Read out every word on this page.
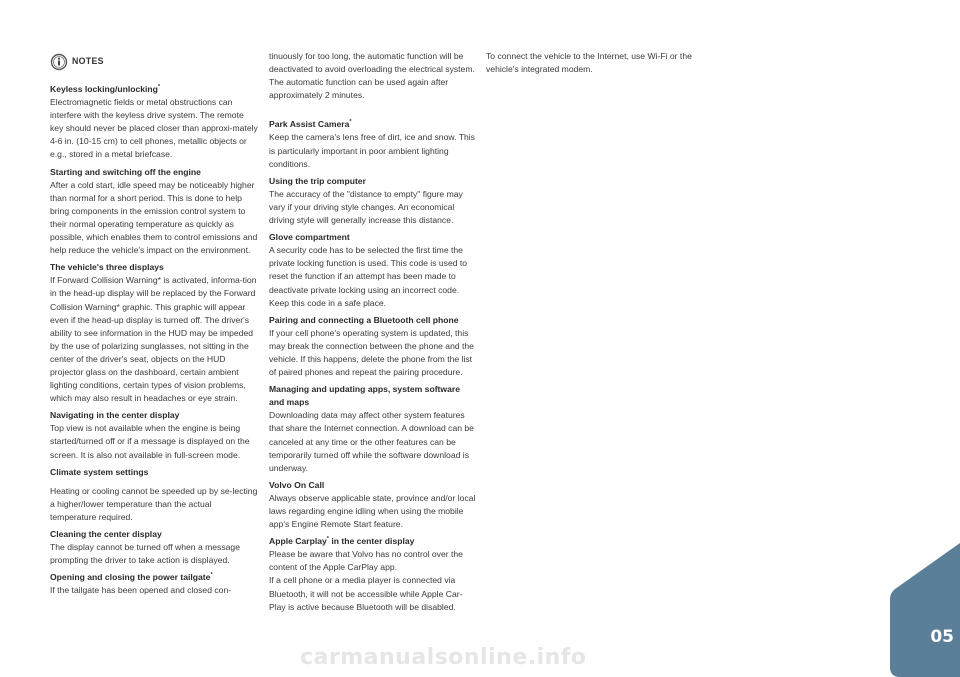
NOTES
Keyless locking/unlocking*

Electromagnetic fields or metal obstructions can interfere with the keyless drive system. The remote key should never be placed closer than approxi-mately 4-6 in. (10-15 cm) to cell phones, metallic objects or e.g., stored in a metal briefcase.

Starting and switching off the engine

After a cold start, idle speed may be noticeably higher than normal for a short period. This is done to help bring components in the emission control system to their normal operating temperature as quickly as possible, which enables them to control emissions and help reduce the vehicle's impact on the environment.

The vehicle's three displays

If Forward Collision Warning* is activated, informa-tion in the head-up display will be replaced by the Forward Collision Warning* graphic. This graphic will appear even if the head-up display is turned off. The driver's ability to see information in the HUD may be impeded by the use of polarizing sunglasses, not sitting in the center of the driver's seat, objects on the HUD projector glass on the dashboard, certain ambient lighting conditions, certain types of vision problems, which may also result in headaches or eye strain.

Navigating in the center display

Top view is not available when the engine is being started/turned off or if a message is displayed on the screen. It is also not available in full-screen mode.

Climate system settings

Heating or cooling cannot be speeded up by se-lecting a higher/lower temperature than the actual temperature required.

Cleaning the center display

The display cannot be turned off when a message prompting the driver to take action is displayed.

Opening and closing the power tailgate*

If the tailgate has been opened and closed con-

tinuously for too long, the automatic function will be deactivated to avoid overloading the electrical system. The automatic function can be used again after approximately 2 minutes.

Park Assist Camera*

Keep the camera's lens free of dirt, ice and snow. This is particularly important in poor ambient lighting conditions.

Using the trip computer

The accuracy of the "distance to empty" figure may vary if your driving style changes. An economical driving style will generally increase this distance.

Glove compartment

A security code has to be selected the first time the private locking function is used. This code is used to reset the function if an attempt has been made to deactivate private locking using an incorrect code. Keep this code in a safe place.

Pairing and connecting a Bluetooth cell phone

If your cell phone's operating system is updated, this may break the connection between the phone and the vehicle. If this happens, delete the phone from the list of paired phones and repeat the pairing procedure.

Managing and updating apps, system software and maps

Downloading data may affect other system features that share the Internet connection. A download can be canceled at any time or the other features can be temporarily turned off while the software download is underway.

Volvo On Call

Always observe applicable state, province and/or local laws regarding engine idling when using the mobile app's Engine Remote Start feature.

Apple Carplay* in the center display

Please be aware that Volvo has no control over the content of the Apple CarPlay app.

If a cell phone or a media player is connected via Bluetooth, it will not be accessible while Apple Car-Play is active because Bluetooth will be disabled.

To connect the vehicle to the Internet, use Wi-Fi or the vehicle's integrated modem.

05
carmanualsonline.info
